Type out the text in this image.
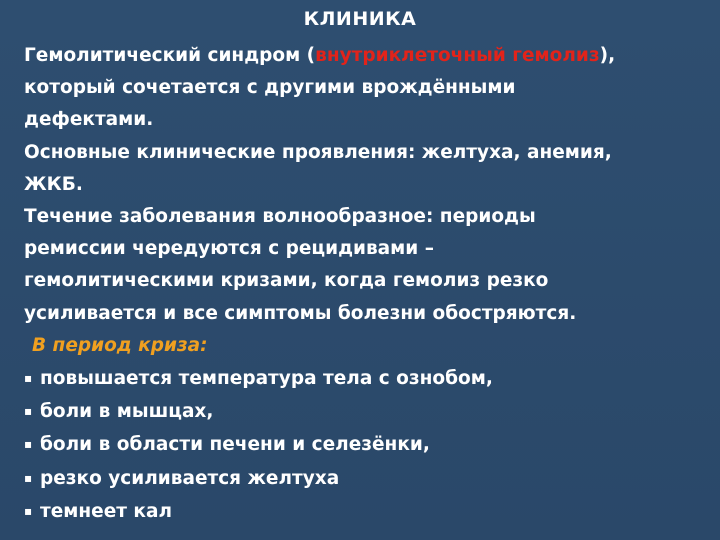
КЛИНИКА
Гемолитический синдром (внутриклеточный гемолиз),
который сочетается с другими врождёнными
дефектами.
Основные клинические проявления: желтуха, анемия,
ЖКБ.
Течение заболевания волнообразное: периоды
ремиссии чередуются с рецидивами –
гемолитическими кризами, когда гемолиз резко
усиливается и все симптомы болезни обостряются.
В период криза:
▪ повышается температура тела с ознобом,
▪ боли в мышцах,
▪ боли в области печени и селезёнки,
▪ резко усиливается желтуха
▪ темнеет кал
